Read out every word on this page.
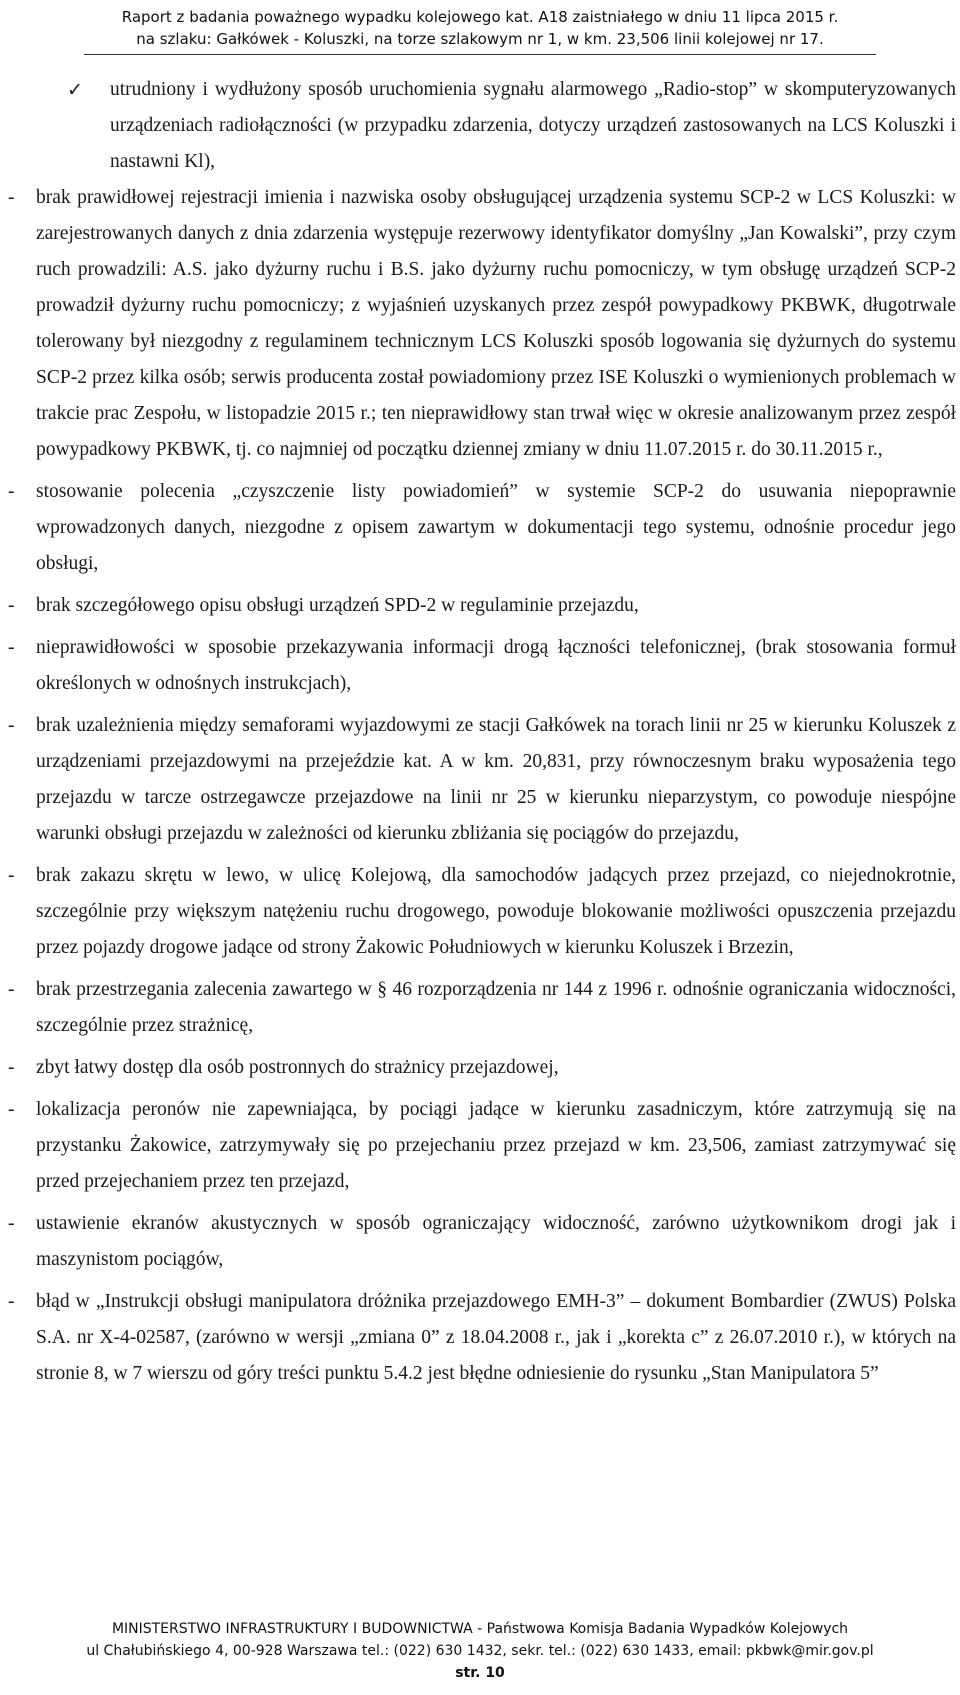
Raport z badania poważnego wypadku kolejowego kat. A18 zaistniałego w dniu 11 lipca 2015 r.
na szlaku: Gałkówek - Koluszki, na torze szlakowym nr 1, w km. 23,506 linii kolejowej nr 17.
✓ utrudniony i wydłużony sposób uruchomienia sygnału alarmowego „Radio-stop” w skomputeryzowanych urządzeniach radiołączności (w przypadku zdarzenia, dotyczy urządzeń zastosowanych na LCS Koluszki i nastawni Kl),
- brak prawidłowej rejestracji imienia i nazwiska osoby obsługującej urządzenia systemu SCP-2 w LCS Koluszki: w zarejestrowanych danych z dnia zdarzenia występuje rezerwowy identyfikator domyślny „Jan Kowalski”, przy czym ruch prowadzili: A.S. jako dyżurny ruchu i B.S. jako dyżurny ruchu pomocniczy, w tym obsługę urządzeń SCP-2 prowadził dyżurny ruchu pomocniczy; z wyjaśnień uzyskanych przez zespół powypadkowy PKBWK, długotrwale tolerowany był niezgodny z regulaminem technicznym LCS Koluszki sposób logowania się dyżurnych do systemu SCP-2 przez kilka osób; serwis producenta został powiadomiony przez ISE Koluszki o wymienionych problemach w trakcie prac Zespołu, w listopadzie 2015 r.; ten nieprawidłowy stan trwał więc w okresie analizowanym przez zespół powypadkowy PKBWK, tj. co najmniej od początku dziennej zmiany w dniu 11.07.2015 r. do 30.11.2015 r.,
- stosowanie polecenia „czyszczenie listy powiadomień” w systemie SCP-2 do usuwania niepoprawnie wprowadzonych danych, niezgodne z opisem zawartym w dokumentacji tego systemu, odnośnie procedur jego obsługi,
- brak szczegółowego opisu obsługi urządzeń SPD-2 w regulaminie przejazdu,
- nieprawidłowości w sposobie przekazywania informacji drogą łączności telefonicznej, (brak stosowania formuł określonych w odnośnych instrukcjach),
- brak uzależnienia między semaforami wyjazdowymi ze stacji Gałkówek na torach linii nr 25 w kierunku Koluszek z urządzeniami przejazdowymi na przejeździe kat. A w km. 20,831, przy równoczesnym braku wyposażenia tego przejazdu w tarcze ostrzegawcze przejazdowe na linii nr 25 w kierunku nieparzystym, co powoduje niespójne warunki obsługi przejazdu w zależności od kierunku zbliżania się pociągów do przejazdu,
- brak zakazu skrętu w lewo, w ulicę Kolejową, dla samochodów jadących przez przejazd, co niejednokrotnie, szczególnie przy większym natężeniu ruchu drogowego, powoduje blokowanie możliwości opuszczenia przejazdu przez pojazdy drogowe jadące od strony Żakowic Południowych w kierunku Koluszek i Brzezin,
- brak przestrzegania zalecenia zawartego w § 46 rozporządzenia nr 144 z 1996 r. odnośnie ograniczania widoczności, szczególnie przez strażnicę,
- zbyt łatwy dostęp dla osób postronnych do strażnicy przejazdowej,
- lokalizacja peronów nie zapewniająca, by pociągi jadące w kierunku zasadniczym, które zatrzymują się na przystanku Żakowice, zatrzymywały się po przejechaniu przez przejazd w km. 23,506, zamiast zatrzymywać się przed przejechaniem przez ten przejazd,
- ustawienie ekranów akustycznych w sposób ograniczający widoczność, zarówno użytkownikom drogi jak i maszynistom pociągów,
- błąd w „Instrukcji obsługi manipulatora dróżnika przejazdowego EMH-3” – dokument Bombardier (ZWUS) Polska S.A. nr X-4-02587, (zarówno w wersji „zmiana 0” z 18.04.2008 r., jak i „korekta c” z 26.07.2010 r.), w których na stronie 8, w 7 wierszu od góry treści punktu 5.4.2 jest błędne odniesienie do rysunku „Stan Manipulatora 5”
MINISTERSTWO INFRASTRUKTURY I BUDOWNICTWA - Państwowa Komisja Badania Wypadków Kolejowych
ul Chałubińskiego 4, 00-928 Warszawa tel.: (022) 630 1432, sekr. tel.: (022) 630 1433, email: pkbwk@mir.gov.pl
str. 10
